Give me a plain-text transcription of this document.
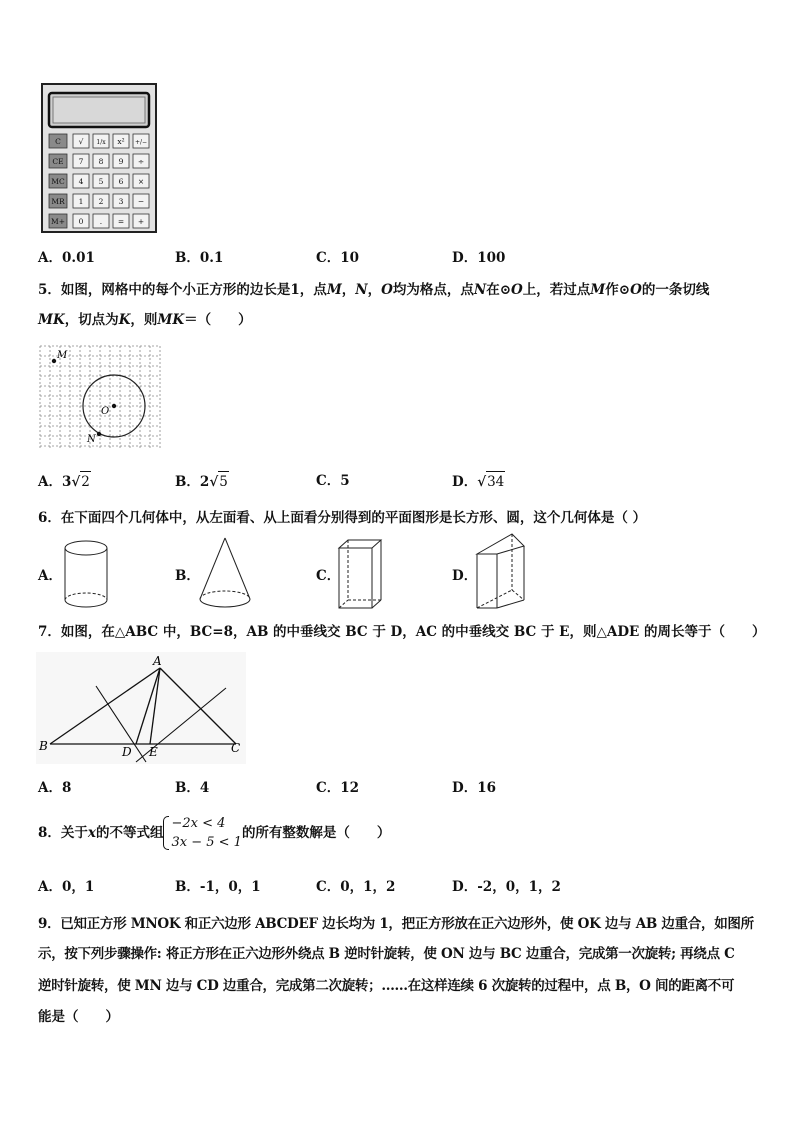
C √ 1/x x² +/−
CE 7 8 9 ÷
MC 4 5 6 ×
MR 1 2 3 −
M+ 0 . = +
A．0.01	B．0.1	C．10	D．100
5．如图，网格中的每个小正方形的边长是1，点M，N，O均为格点，点N在⊙O上，若过点M作⊙O的一条切线
MK，切点为K，则MK＝（　　）
M
O
N
A．3√ 2	B．2√ 5	C．5	D．√ 34
6．在下面四个几何体中，从左面看、从上面看分别得到的平面图形是长方形、圆，这个几何体是（ ）
A．	B．	C．	D．
7．如图，在△ABC 中，BC=8，AB 的中垂线交 BC 于 D，AC 的中垂线交 BC 于 E，则△ADE 的周长等于（　　）
A
B	C
D E
A．8	B．4	C．12	D．16
8．关于 x 的不等式组
−2x < 4
3x − 5 < 1
的所有整数解是（　　）
A．0，1	B．-1，0，1	C．0，1，2	D．-2，0，1，2
9．已知正方形 MNOK 和正六边形 ABCDEF 边长均为 1，把正方形放在正六边形外，使 OK 边与 AB 边重合，如图所
示，按下列步骤操作: 将正方形在正六边形外绕点 B 逆时针旋转，使 ON 边与 BC 边重合，完成第一次旋转; 再绕点 C
逆时针旋转，使 MN 边与 CD 边重合，完成第二次旋转；……在这样连续 6 次旋转的过程中，点 B，O 间的距离不可
能是（　　）
